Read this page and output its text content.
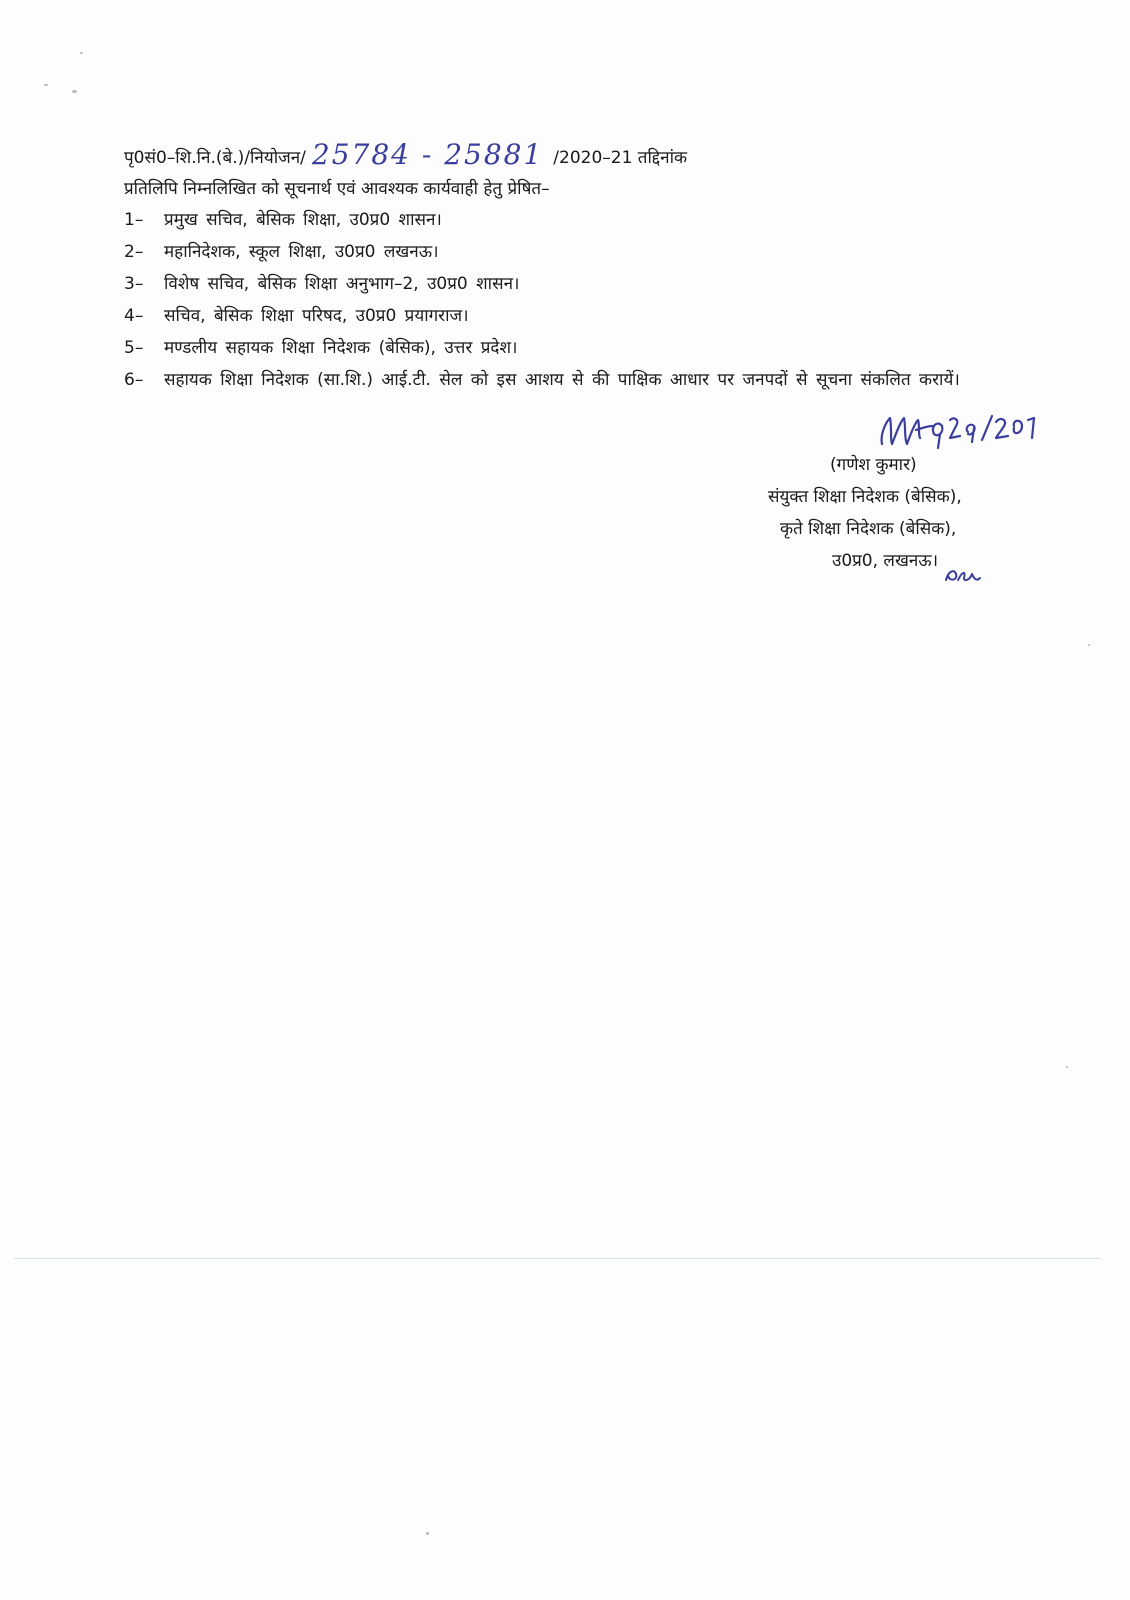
पृ0सं0–शि.नि.(बे.)/नियोजन/ 25784 - 25881 /2020–21 तद्दिनांक
प्रतिलिपि निम्नलिखित को सूचनार्थ एवं आवश्यक कार्यवाही हेतु प्रेषित–
1–	प्रमुख सचिव, बेसिक शिक्षा, उ0प्र0 शासन।
2–	महानिदेशक, स्कूल शिक्षा, उ0प्र0 लखनऊ।
3–	विशेष सचिव, बेसिक शिक्षा अनुभाग–2, उ0प्र0 शासन।
4–	सचिव, बेसिक शिक्षा परिषद, उ0प्र0 प्रयागराज।
5–	मण्डलीय सहायक शिक्षा निदेशक (बेसिक), उत्तर प्रदेश।
6–	सहायक शिक्षा निदेशक (सा.शि.) आई.टी. सेल को इस आशय से की पाक्षिक आधार पर जनपदों से सूचना संकलित करायें।
(गणेश कुमार)
संयुक्त शिक्षा निदेशक (बेसिक),
कृते शिक्षा निदेशक (बेसिक),
उ0प्र0, लखनऊ।
